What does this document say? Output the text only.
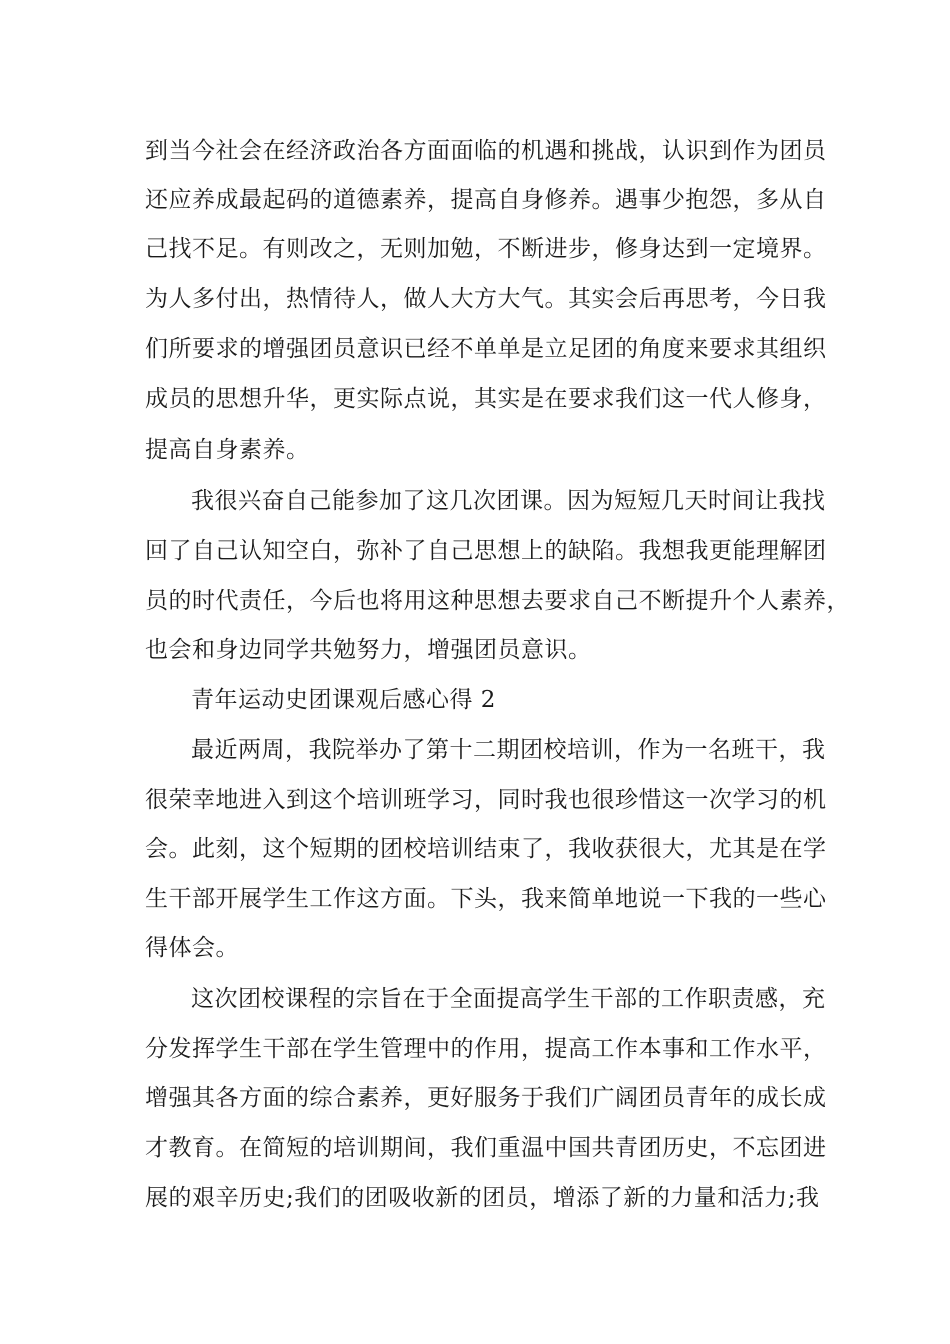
到当今社会在经济政治各方面面临的机遇和挑战，认识到作为团员
还应养成最起码的道德素养，提高自身修养。遇事少抱怨，多从自
己找不足。有则改之，无则加勉，不断进步，修身达到一定境界。
为人多付出，热情待人，做人大方大气。其实会后再思考，今日我
们所要求的增强团员意识已经不单单是立足团的角度来要求其组织
成员的思想升华，更实际点说，其实是在要求我们这一代人修身，
提高自身素养。
我很兴奋自己能参加了这几次团课。因为短短几天时间让我找
回了自己认知空白，弥补了自己思想上的缺陷。我想我更能理解团
员的时代责任，今后也将用这种思想去要求自己不断提升个人素养，
也会和身边同学共勉努力，增强团员意识。
青年运动史团课观后感心得 2
最近两周，我院举办了第十二期团校培训，作为一名班干，我
很荣幸地进入到这个培训班学习，同时我也很珍惜这一次学习的机
会。此刻，这个短期的团校培训结束了，我收获很大，尤其是在学
生干部开展学生工作这方面。下头，我来简单地说一下我的一些心
得体会。
这次团校课程的宗旨在于全面提高学生干部的工作职责感，充
分发挥学生干部在学生管理中的作用，提高工作本事和工作水平，
增强其各方面的综合素养，更好服务于我们广阔团员青年的成长成
才教育。在简短的培训期间，我们重温中国共青团历史，不忘团进
展的艰辛历史;我们的团吸收新的团员，增添了新的力量和活力;我
